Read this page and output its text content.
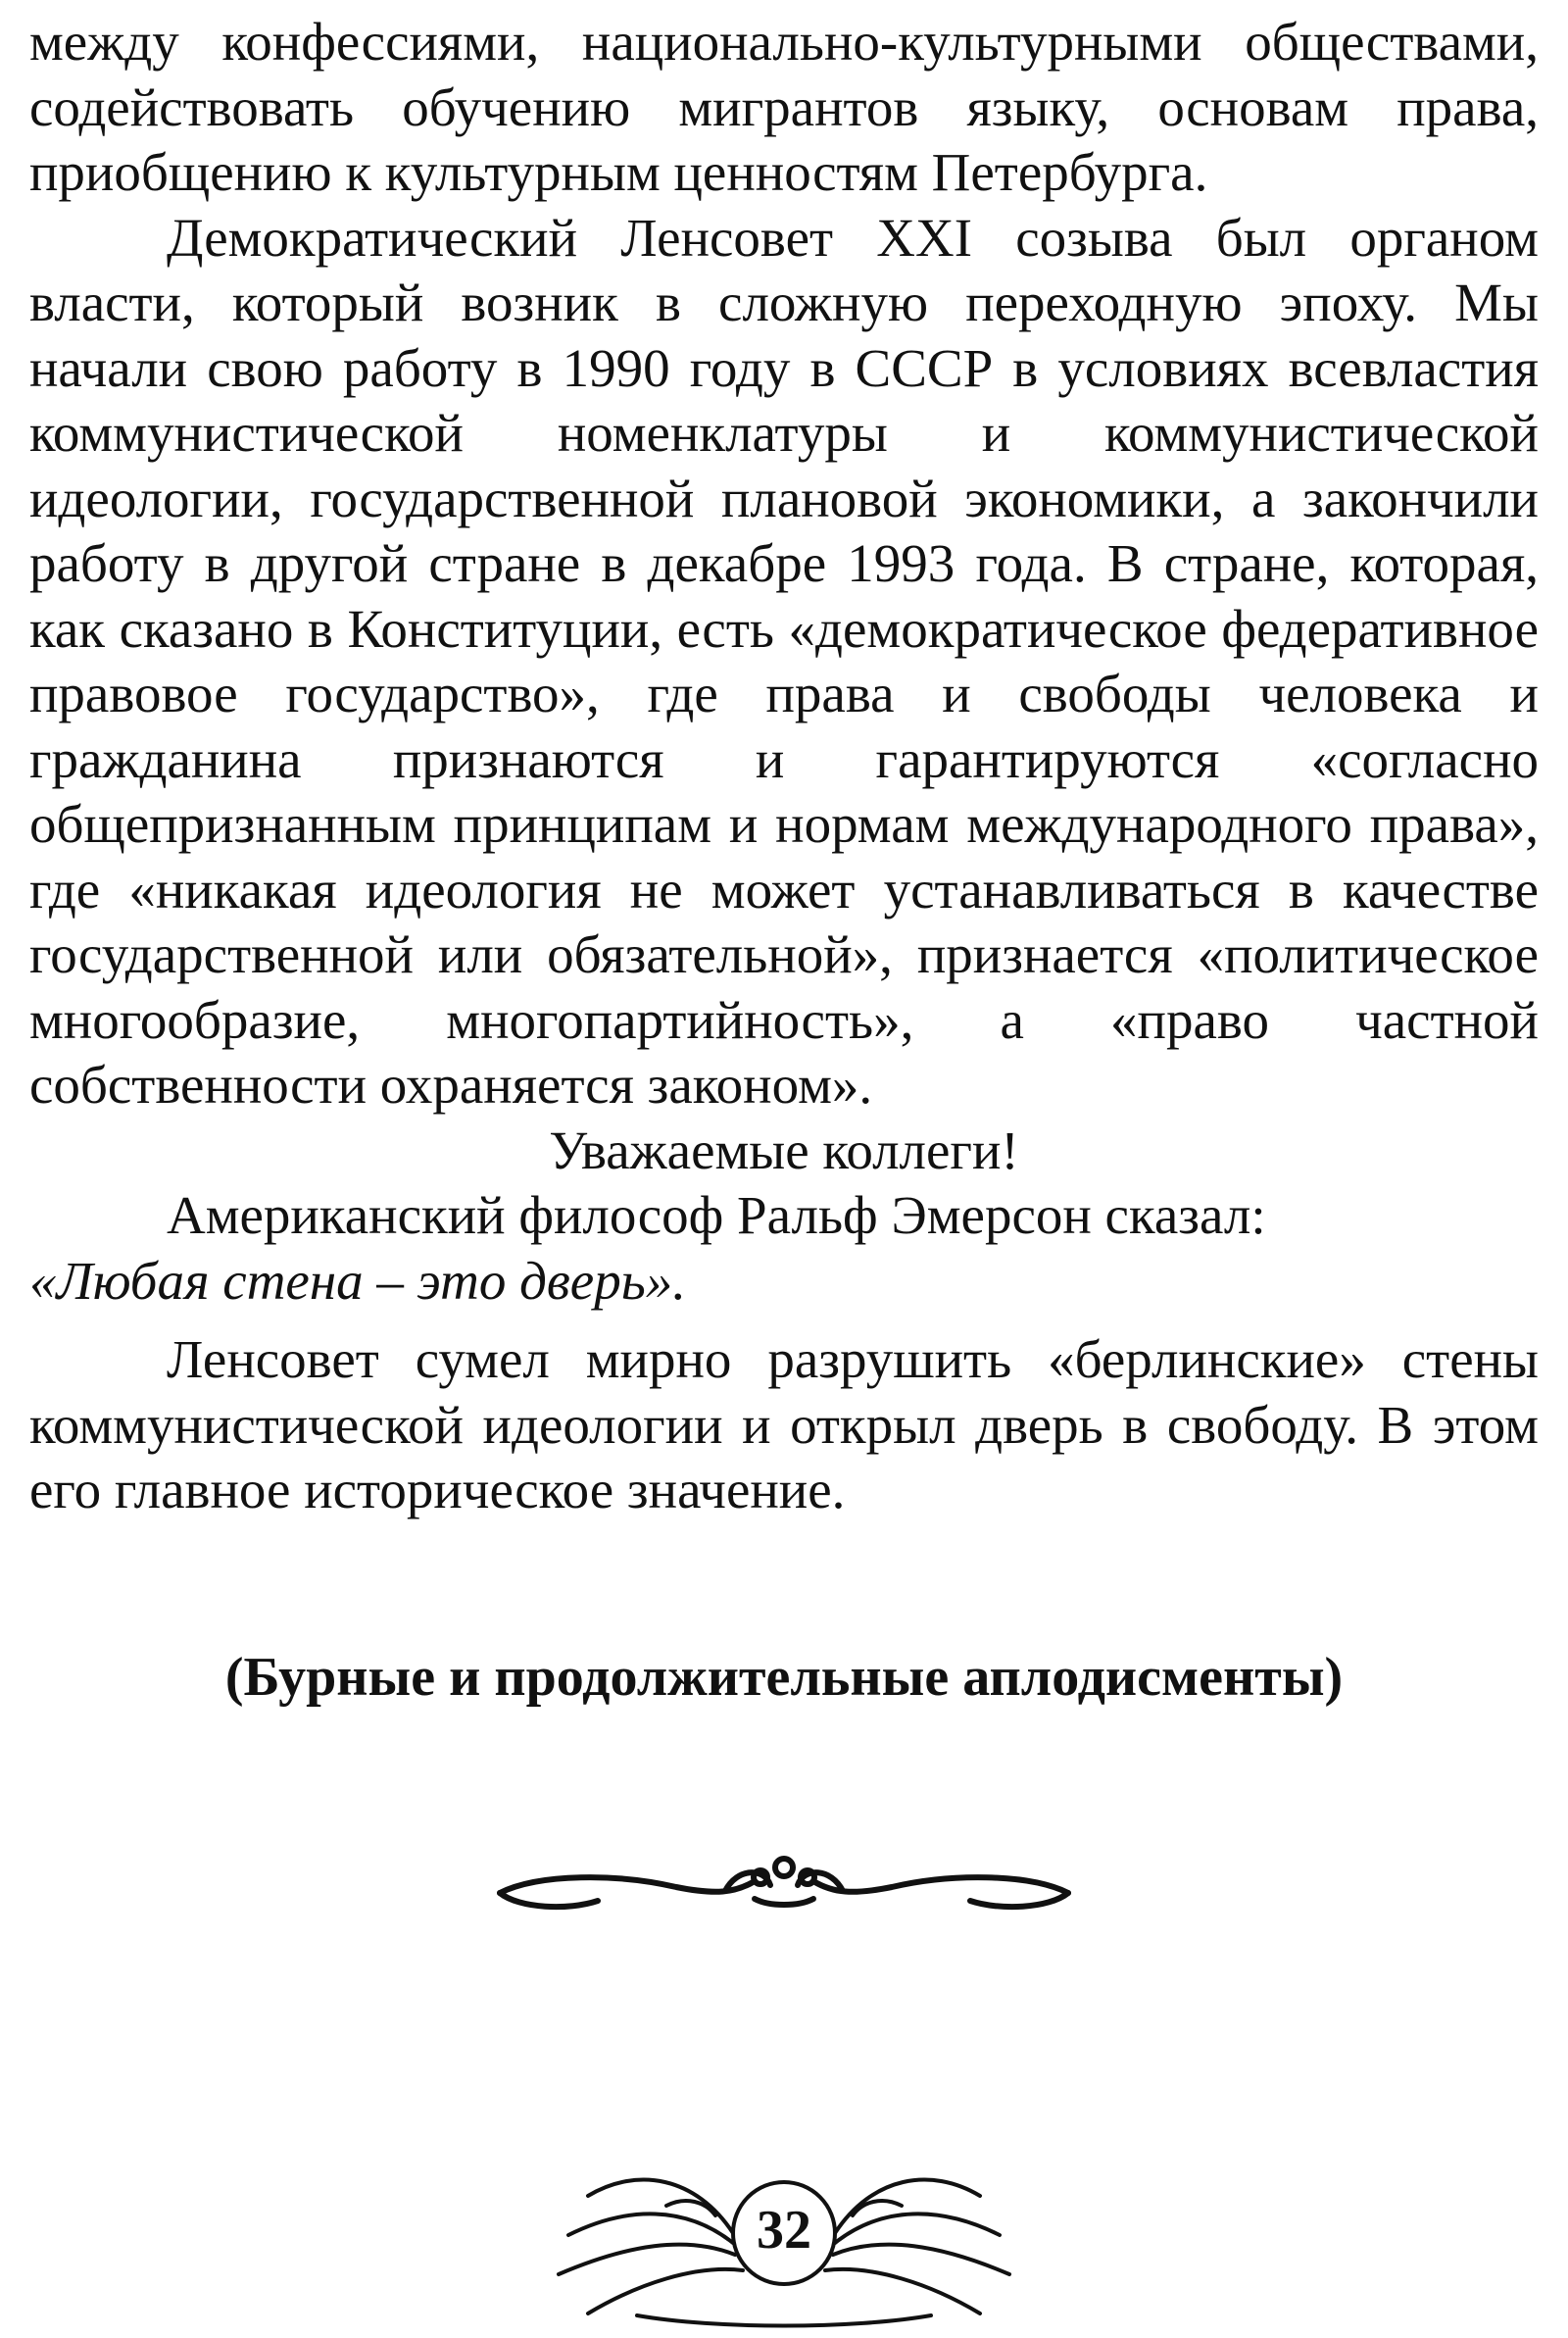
между конфессиями, национально-культурными обществами, содействовать обучению мигрантов языку, основам права, приобщению к культурным ценностям Петербурга.

Демократический Ленсовет XXI созыва был органом власти, который возник в сложную переходную эпоху. Мы начали свою работу в 1990 году в СССР в условиях всевластия коммунистической номенклатуры и коммунистической идеологии, государственной плановой экономики, а закончили работу в другой стране в декабре 1993 года. В стране, которая, как сказано в Конституции, есть «демократическое федеративное правовое государство», где права и свободы человека и гражданина признаются и гарантируются «согласно общепризнанным принципам и нормам международного права», где «никакая идеология не может устанавливаться в качестве государственной или обязательной», признается «политическое многообразие, многопартийность», а «право частной собственности охраняется законом».

Уважаемые коллеги!

Американский философ Ральф Эмерсон сказал:

«Любая стена – это дверь».

Ленсовет сумел мирно разрушить «берлинские» стены коммунистической идеологии и открыл дверь в свободу. В этом его главное историческое значение.

(Бурные и продолжительные аплодисменты)
32
